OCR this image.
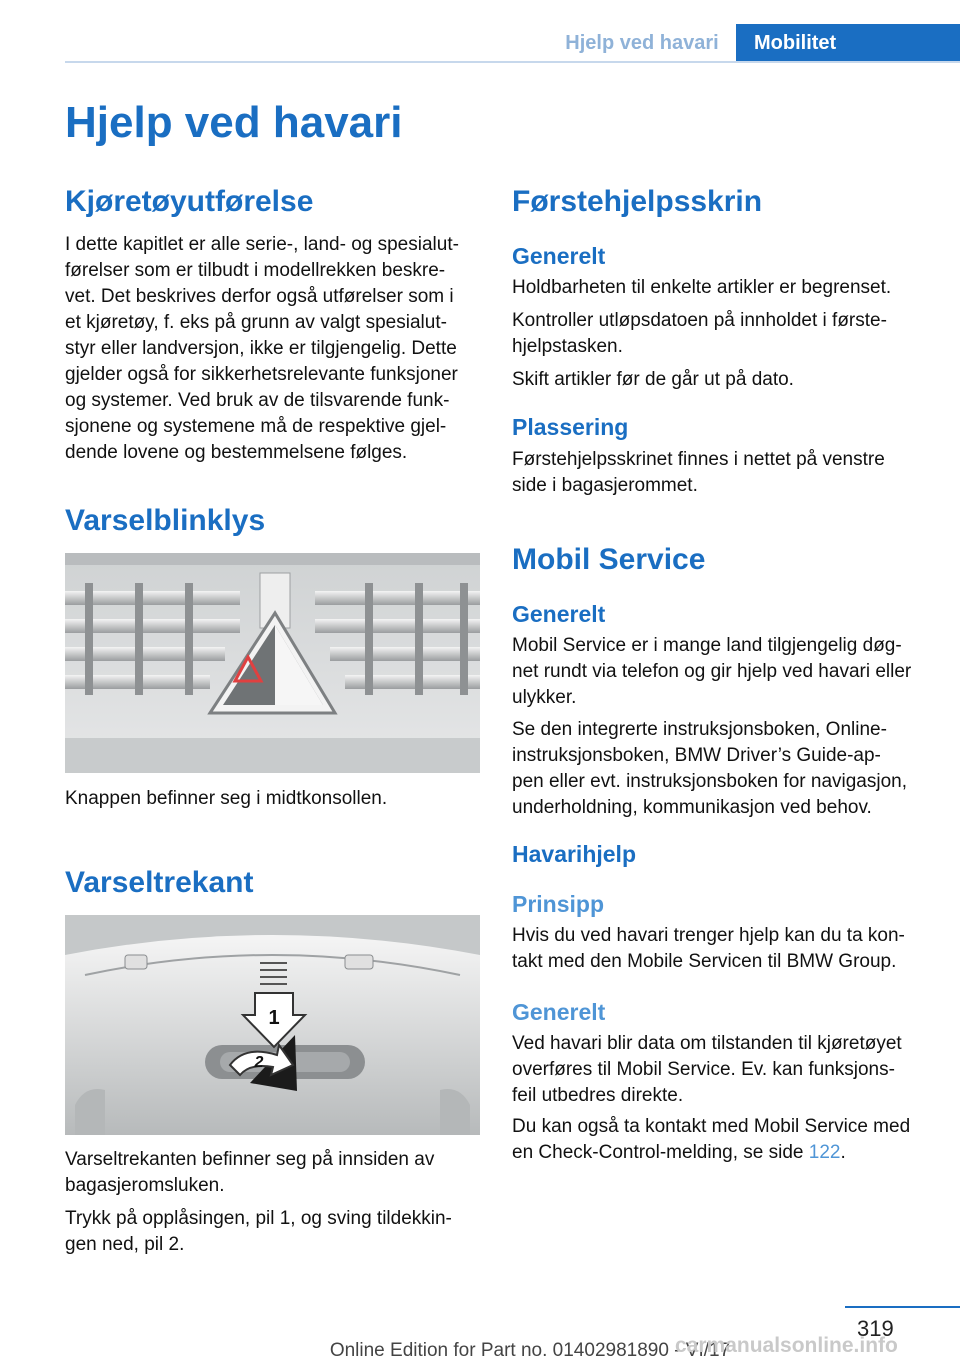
Hjelp ved havari	Mobilitet
Hjelp ved havari
Kjøretøyutførelse

I dette kapitlet er alle serie-, land- og spesialut‐

førelser som er tilbudt i modellrekken beskre‐

vet. Det beskrives derfor også utførelser som i

et kjøretøy, f. eks på grunn av valgt spesialut‐

styr eller landversjon, ikke er tilgjengelig. Dette

gjelder også for sikkerhetsrelevante funksjoner

og systemer. Ved bruk av de tilsvarende funk‐

sjonene og systemene må de respektive gjel‐

dende lovene og bestemmelsene følges.

Varselblinklys

Knappen befinner seg i midtkonsollen.

Varseltrekant
1
2

Varseltrekanten befinner seg på innsiden av

bagasjeromsluken.

Trykk på opplåsingen, pil 1, og sving tildekkin‐

gen ned, pil 2.

Førstehjelpsskrin
Generelt

Holdbarheten til enkelte artikler er begrenset.

Kontroller utløpsdatoen på innholdet i første‐

hjelpstasken.

Skift artikler før de går ut på dato.

Plassering

Førstehjelpsskrinet finnes i nettet på venstre

side i bagasjerommet.

Mobil Service
Generelt

Mobil Service er i mange land tilgjengelig døg‐

net rundt via telefon og gir hjelp ved havari eller

ulykker.

Se den integrerte instruksjonsboken, Online-

instruksjonsboken, BMW Driver’s Guide-ap‐

pen eller evt. instruksjonsboken for navigasjon,

underholdning, kommunikasjon ved behov.

Havarihjelp
Prinsipp

Hvis du ved havari trenger hjelp kan du ta kon‐

takt med den Mobile Servicen til BMW Group.

Generelt

Ved havari blir data om tilstanden til kjøretøyet

overføres til Mobil Service. Ev. kan funksjons‐

feil utbedres direkte.

Du kan også ta kontakt med Mobil Service med

en Check-Control-melding, se side 122.

319
Online Edition for Part no. 01402981890 - VI/17
carmanualsonline.info
